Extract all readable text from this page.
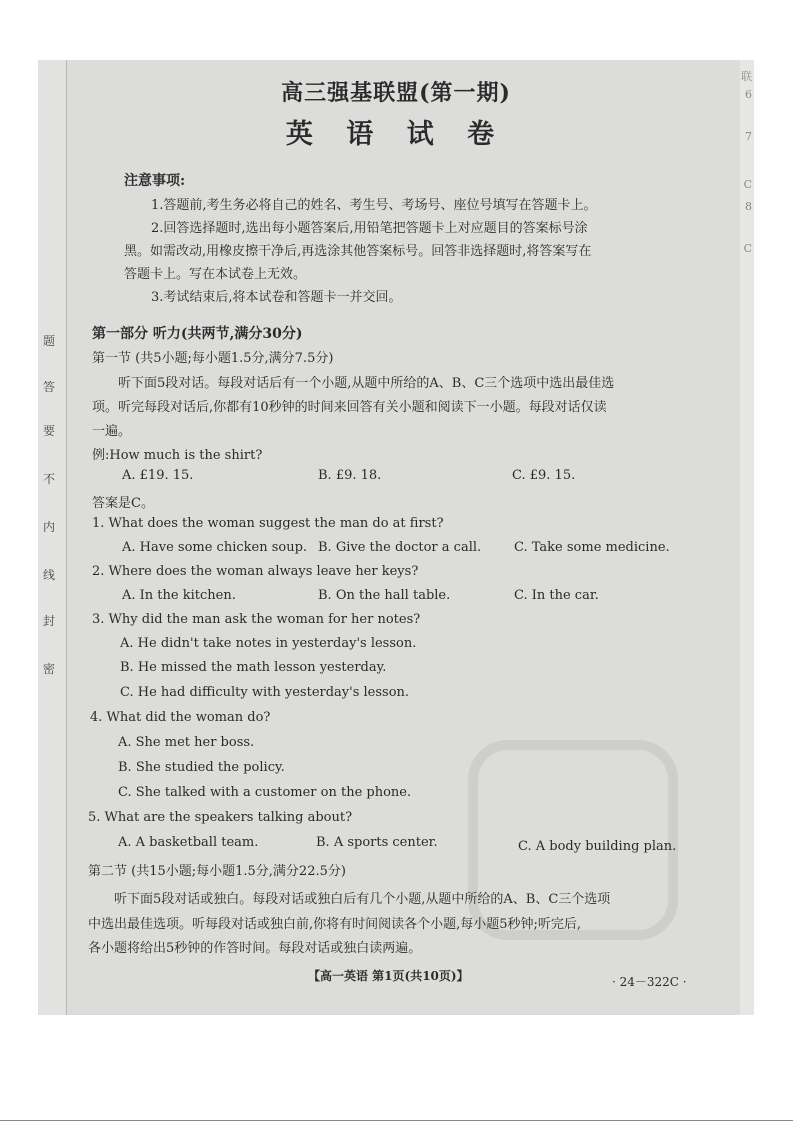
题
答
要
不
内
线
封
密
联
6
7
C
8
C
高三强基联盟(第一期)
英 语 试 卷
注意事项:
1.答题前,考生务必将自己的姓名、考生号、考场号、座位号填写在答题卡上。
2.回答选择题时,选出每小题答案后,用铅笔把答题卡上对应题目的答案标号涂
黑。如需改动,用橡皮擦干净后,再选涂其他答案标号。回答非选择题时,将答案写在
答题卡上。写在本试卷上无效。
3.考试结束后,将本试卷和答题卡一并交回。
第一部分 听力(共两节,满分30分)
第一节 (共5小题;每小题1.5分,满分7.5分)
听下面5段对话。每段对话后有一个小题,从题中所给的A、B、C三个选项中选出最佳选
项。听完每段对话后,你都有10秒钟的时间来回答有关小题和阅读下一小题。每段对话仅读
一遍。
例:How much is the shirt?
A. £19. 15.	B. £9. 18.	C. £9. 15.
答案是C。
1. What does the woman suggest the man do at first?
A. Have some chicken soup. B. Give the doctor a call.	C. Take some medicine.
2. Where does the woman always leave her keys?
A. In the kitchen.	B. On the hall table.	C. In the car.
3. Why did the man ask the woman for her notes?
A. He didn't take notes in yesterday's lesson.
B. He missed the math lesson yesterday.
C. He had difficulty with yesterday's lesson.
4. What did the woman do?
A. She met her boss.
B. She studied the policy.
C. She talked with a customer on the phone.
5. What are the speakers talking about?
A. A basketball team.	B. A sports center.	C. A body building plan.
第二节 (共15小题;每小题1.5分,满分22.5分)
听下面5段对话或独白。每段对话或独白后有几个小题,从题中所给的A、B、C三个选项
中选出最佳选项。听每段对话或独白前,你将有时间阅读各个小题,每小题5秒钟;听完后,
各小题将给出5秒钟的作答时间。每段对话或独白读两遍。
【高一英语 第1页(共10页)】	· 24－322C ·
